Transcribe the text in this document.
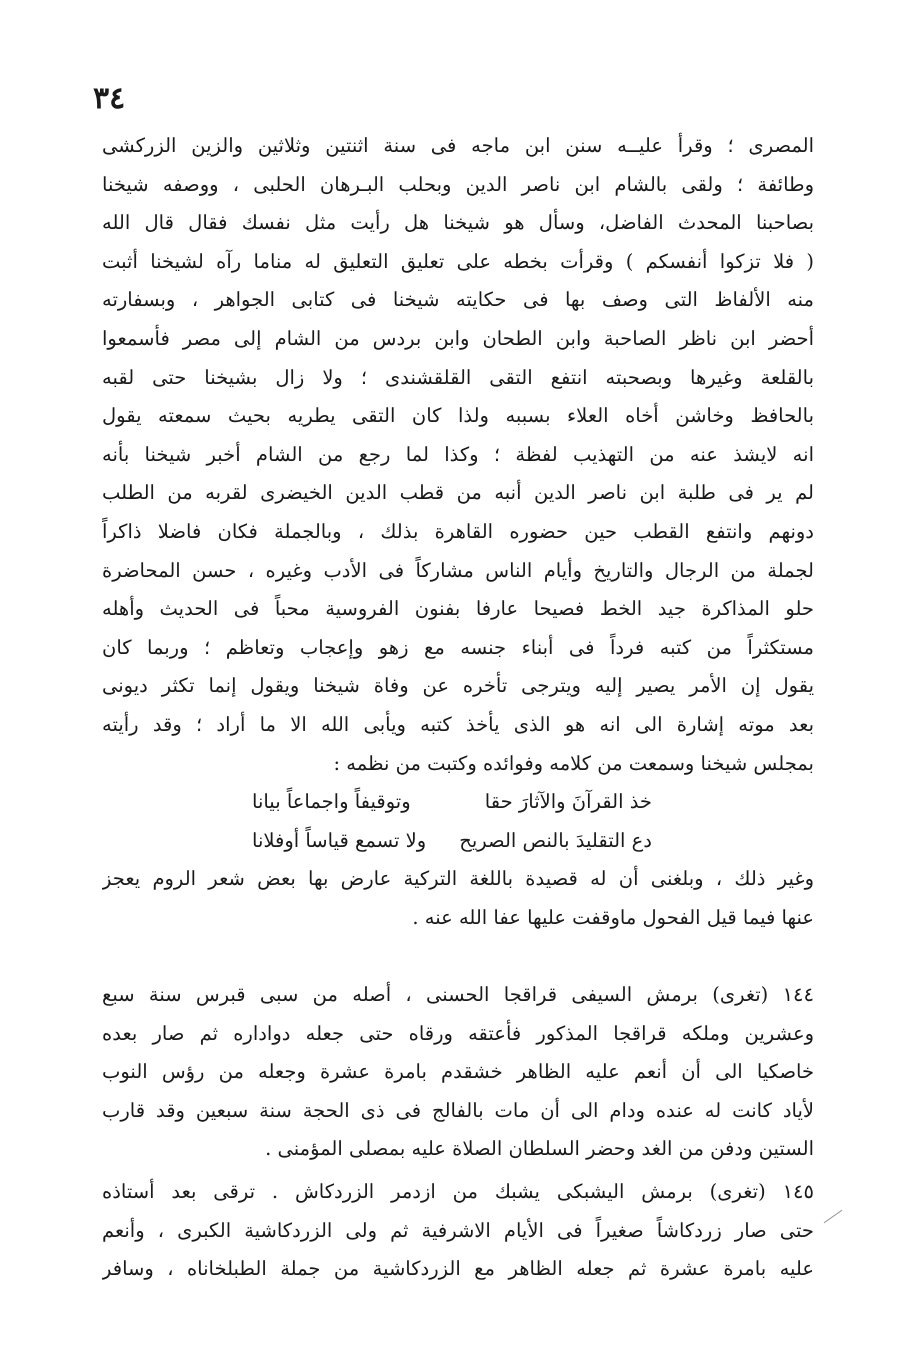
٣٤
المصرى ؛ وقرأ عليــه سنن ابن ماجه فى سنة اثنتين وثلاثين والزين الزركشى
وطائفة ؛ ولقى بالشام ابن ناصر الدين وبحلب البـرهان الحلبى ، ووصفه شيخنا
بصاحبنا المحدث الفاضل، وسأل هو شيخنا هل رأيت مثل نفسك فقال قال الله
( فلا تزكوا أنفسكم ) وقرأت بخطه على تعليق التعليق له مناما رآه لشيخنا أثبت
منه الألفاظ التى وصف بها فى حكايته شيخنا فى كتابى الجواهر ، وبسفارته
أحضر ابن ناظر الصاحبة وابن الطحان وابن بردس من الشام إلى مصر فأسمعوا
بالقلعة وغيرها وبصحبته انتفع التقى القلقشندى ؛ ولا زال بشيخنا حتى لقبه
بالحافظ وخاشن أخاه العلاء بسببه ولذا كان التقى يطريه بحيث سمعته يقول
انه لايشذ عنه من التهذيب لفظة ؛ وكذا لما رجع من الشام أخبر شيخنا بأنه
لم ير فى طلبة ابن ناصر الدين أنبه من قطب الدين الخيضرى لقربه من الطلب
دونهم وانتفع القطب حين حضوره القاهرة بذلك ، وبالجملة فكان فاضلا ذاكراً
لجملة من الرجال والتاريخ وأيام الناس مشاركاً فى الأدب وغيره ، حسن المحاضرة
حلو المذاكرة جيد الخط فصيحا عارفا بفنون الفروسية محباً فى الحديث وأهله
مستكثراً من كتبه فرداً فى أبناء جنسه مع زهو وإعجاب وتعاظم ؛ وربما كان
يقول إن الأمر يصير إليه ويترجى تأخره عن وفاة شيخنا ويقول إنما تكثر ديونى
بعد موته إشارة الى انه هو الذى يأخذ كتبه ويأبى الله الا ما أراد ؛ وقد رأيته
بمجلس شيخنا وسمعت من كلامه وفوائده وكتبت من نظمه :
خذ القرآنَ والآثارَ حقا
وتوقيفاً واجماعاً بيانا
دع التقليدَ بالنص الصريح
ولا تسمع قياساً أوفلانا
وغير ذلك ، وبلغنى أن له قصيدة باللغة التركية عارض بها بعض شعر الروم يعجز
عنها فيما قيل الفحول ماوقفت عليها عفا الله عنه .
١٤٤ (تغرى) برمش السيفى قراقجا الحسنى ، أصله من سبى قبرس سنة سبع
وعشرين وملكه قراقجا المذكور فأعتقه ورقاه حتى جعله دواداره ثم صار بعده
خاصكيا الى أن أنعم عليه الظاهر خشقدم بامرة عشرة وجعله من رؤس النوب
لأياد كانت له عنده ودام الى أن مات بالفالج فى ذى الحجة سنة سبعين وقد قارب
الستين ودفن من الغد وحضر السلطان الصلاة عليه بمصلى المؤمنى .
١٤٥ (تغرى) برمش اليشبكى يشبك من ازدمر الزردكاش . ترقى بعد أستاذه
حتى صار زردكاشاً صغيراً فى الأيام الاشرفية ثم ولى الزردكاشية الكبرى ، وأنعم
عليه بامرة عشرة ثم جعله الظاهر مع الزردكاشية من جملة الطبلخاناه ، وسافر
